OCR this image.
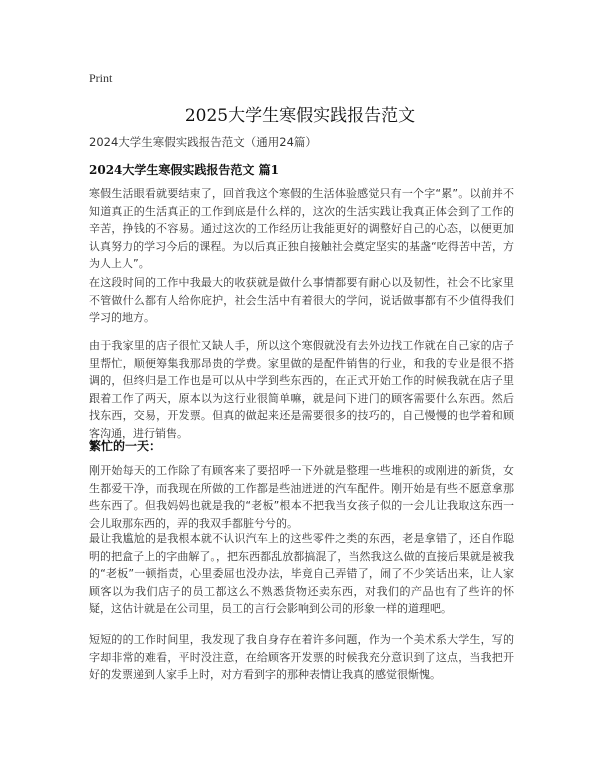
Print
2025大学生寒假实践报告范文
2024大学生寒假实践报告范文（通用24篇）
2024大学生寒假实践报告范文 篇1

寒假生活眼看就要结束了，回首我这个寒假的生活体验感觉只有一个字“累”。以前并不知道真正的生活真正的工作到底是什么样的，这次的生活实践让我真正体会到了工作的辛苦，挣钱的不容易。通过这次的工作经历让我能更好的调整好自己的心态，以便更加认真努力的学习今后的课程。为以后真正独自接触社会奠定坚实的基盏“吃得苦中苦，方为人上人”。

在这段时间的工作中我最大的收获就是做什么事情都要有耐心以及韧性，社会不比家里不管做什么都有人给你庇护，社会生活中有着很大的学问，说话做事都有不少值得我们学习的地方。

由于我家里的店子很忙又缺人手，所以这个寒假就没有去外边找工作就在自己家的店子里帮忙，顺便筹集我那昂贵的学费。家里做的是配件销售的行业，和我的专业是很不搭调的，但终归是工作也是可以从中学到些东西的，在正式开始工作的时候我就在店子里跟着工作了两天，原本以为这行业很简单嘛，就是问下进门的顾客需要什么东西。然后找东西，交易，开发票。但真的做起来还是需要很多的技巧的，自己慢慢的也学着和顾客沟通，进行销售。

繁忙的一天：

刚开始每天的工作除了有顾客来了要招呼一下外就是整理一些堆积的或刚进的新货，女生都爱干净，而我现在所做的工作都是些油迸迸的汽车配件。刚开始是有些不愿意拿那些东西了。但我妈妈也就是我的“老板”根本不把我当女孩子似的一会儿让我取这东西一会儿取那东西的，弄的我双手都脏兮兮的。

最让我尴尬的是我根本就不认识汽车上的这些零件之类的东西，老是拿错了，还自作聪明的把盒子上的字曲解了。，把东西都乱放都搞混了，当然我这么做的直接后果就是被我的“老板”一顿指责，心里委屈也没办法，毕竟自己弄错了，闹了不少笑话出来，让人家顾客以为我们店子的员工都这么不熟悉货物还卖东西，对我们的产品也有了些许的怀疑，这估计就是在公司里，员工的言行会影响到公司的形象一样的道理吧。

短短的的工作时间里，我发现了我自身存在着许多问题，作为一个美术系大学生，写的字却非常的难看，平时没注意，在给顾客开发票的时候我充分意识到了这点，当我把开好的发票递到人家手上时，对方看到字的那种表情让我真的感觉很惭愧。
